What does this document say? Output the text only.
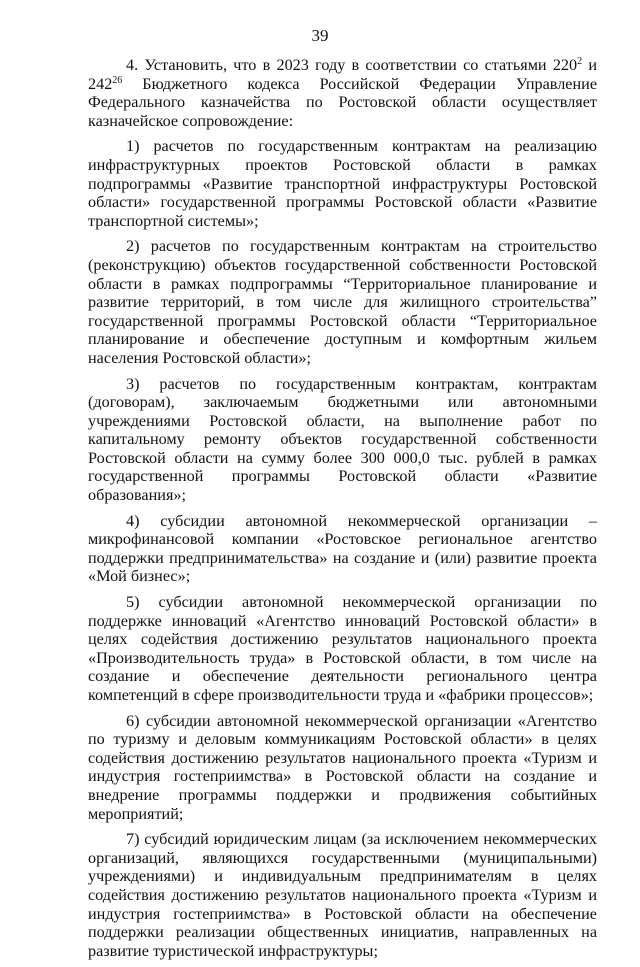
39

4. Установить, что в 2023 году в соответствии со статьями $220^2$ и $242^{26}$ Бюджетного кодекса Российской Федерации Управление Федерального казначейства по Ростовской области осуществляет казначейское сопровождение:

1) расчетов по государственным контрактам на реализацию инфраструктурных проектов Ростовской области в рамках подпрограммы «Развитие транспортной инфраструктуры Ростовской области» государственной программы Ростовской области «Развитие транспортной системы»;

2) расчетов по государственным контрактам на строительство (реконструкцию) объектов государственной собственности Ростовской области в рамках подпрограммы “Территориальное планирование и развитие территорий, в том числе для жилищного строительства” государственной программы Ростовской области “Территориальное планирование и обеспечение доступным и комфортным жильем населения Ростовской области»;

3) расчетов по государственным контрактам, контрактам (договорам), заключаемым бюджетными или автономными учреждениями Ростовской области, на выполнение работ по капитальному ремонту объектов государственной собственности Ростовской области на сумму более 300 000,0 тыс. рублей в рамках государственной программы Ростовской области «Развитие образования»;

4) субсидии автономной некоммерческой организации – микрофинансовой компании «Ростовское региональное агентство поддержки предпринимательства» на создание и (или) развитие проекта «Мой бизнес»;

5) субсидии автономной некоммерческой организации по поддержке инноваций «Агентство инноваций Ростовской области» в целях содействия достижению результатов национального проекта «Производительность труда» в Ростовской области, в том числе на создание и обеспечение деятельности регионального центра компетенций в сфере производительности труда и «фабрики процессов»;

6) субсидии автономной некоммерческой организации «Агентство по туризму и деловым коммуникациям Ростовской области» в целях содействия достижению результатов национального проекта «Туризм и индустрия гостеприимства» в Ростовской области на создание и внедрение программы поддержки и продвижения событийных мероприятий;

7) субсидий юридическим лицам (за исключением некоммерческих организаций, являющихся государственными (муниципальными) учреждениями) и индивидуальным предпринимателям в целях содействия достижению результатов национального проекта «Туризм и индустрия гостеприимства» в Ростовской области на обеспечение поддержки реализации общественных инициатив, направленных на развитие туристической инфраструктуры;
